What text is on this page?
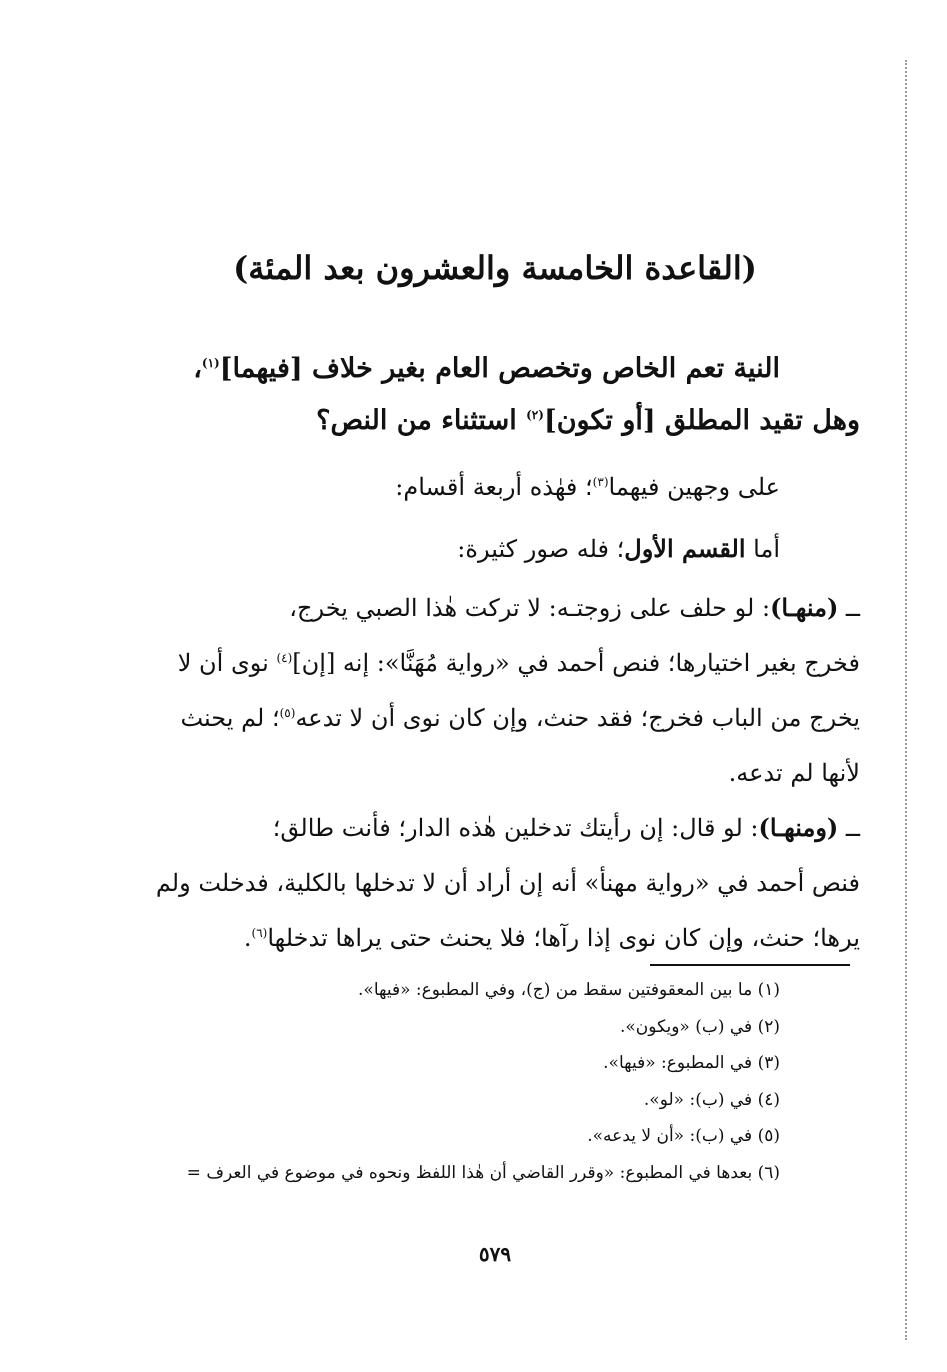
(القاعدة الخامسة والعشرون بعد المئة)
النية تعم الخاص وتخصص العام بغير خلاف [فيهما]$^{(١)}$،
وهل تقيد المطلق [أو تكون]$^{(٢)}$ استثناء من النص؟
على وجهين فيهما$^{(٣)}$؛ فهٰذه أربعة أقسام:
أما القسم الأول؛ فله صور كثيرة:
ــ (منهـا): لو حلف على زوجتـه: لا تركت هٰذا الصبي يخرج،
فخرج بغير اختيارها؛ فنص أحمد في «رواية مُهَنَّا»: إنه [إن]$^{(٤)}$ نوى أن لا
يخرج من الباب فخرج؛ فقد حنث، وإن كان نوى أن لا تدعه$^{(٥)}$؛ لم يحنث
لأنها لم تدعه.
ــ (ومنهـا): لو قال: إن رأيتك تدخلين هٰذه الدار؛ فأنت طالق؛
فنص أحمد في «رواية مهنأ» أنه إن أراد أن لا تدخلها بالكلية، فدخلت ولم
يرها؛ حنث، وإن كان نوى إذا رآها؛ فلا يحنث حتى يراها تدخلها$^{(٦)}$.
(١) ما بين المعقوفتين سقط من (ج)، وفي المطبوع: «فيها».
(٢) في (ب) «ويكون».
(٣) في المطبوع: «فيها».
(٤) في (ب): «لو».
(٥) في (ب): «أن لا يدعه».
(٦) بعدها في المطبوع: «وقرر القاضي أن هٰذا اللفظ ونحوه في موضوع في العرف =
٥٧٩
